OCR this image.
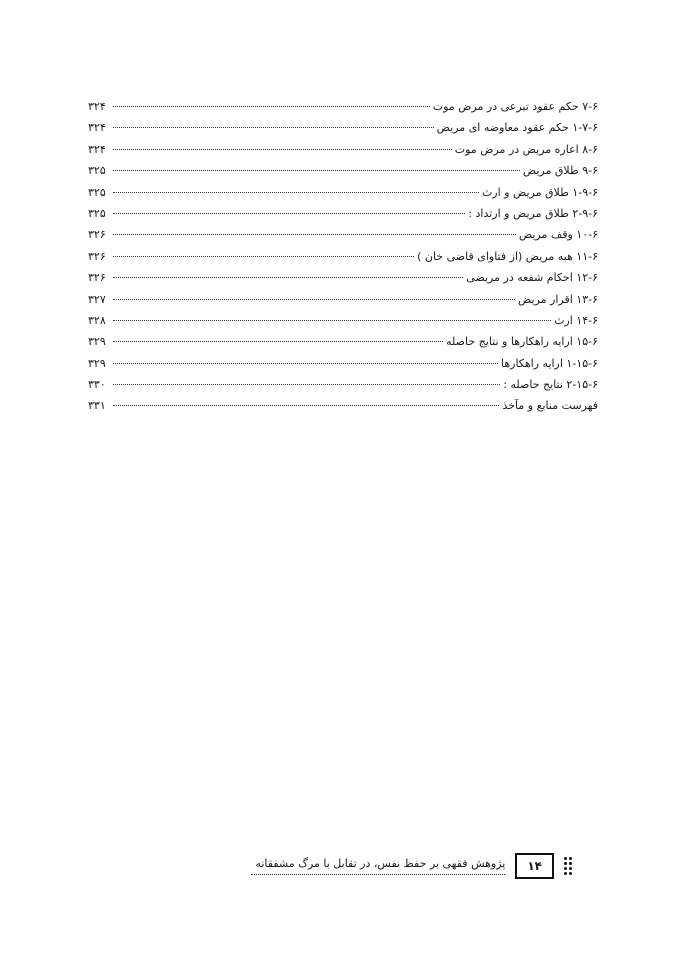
۷-۶ حکم عقود تبرعی در مرض موت
۳۲۴
۱-۷-۶ حکم عقود معاوضه ای مریض
۳۲۴
۸-۶ اعاره مریض در مرض موت
۳۲۴
۹-۶ طلاق مریض
۳۲۵
۱-۹-۶ طلاق مریض و ارث
۳۲۵
۲-۹-۶ طلاق مریض و ارتداد :
۳۲۵
۱۰-۶ وقف مریض
۳۲۶
۱۱-۶ هبه مریض (از فتاوای قاضی خان )
۳۲۶
۱۲-۶ احکام شفعه در مریضی
۳۲۶
۱۳-۶ اقرار مریض
۳۲۷
۱۴-۶ ارث
۳۲۸
۱۵-۶ ارایه راهکارها و نتایج حاصله
۳۲۹
۱-۱۵-۶ ارایه راهکارها
۳۲۹
۲-۱۵-۶ نتایج حاصله :
۳۳۰
فهرست منابع و مآخذ
۳۳۱
۱۴
پژوهش فقهی بر حفظ نفس، در تقابل با مرگ مشفقانه
